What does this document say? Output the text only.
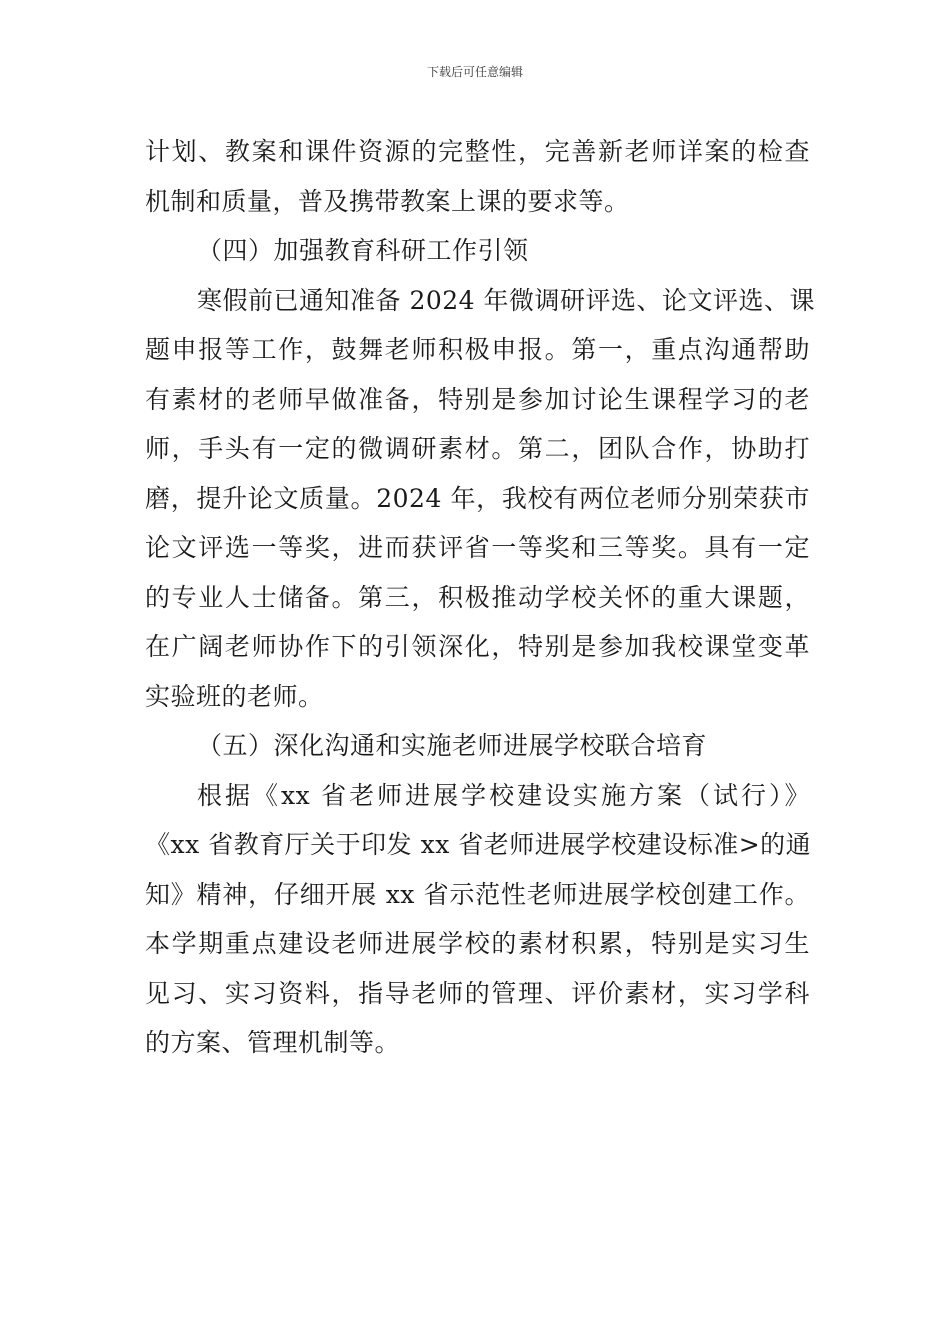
下载后可任意编辑
计划、教案和课件资源的完整性，完善新老师详案的检查
机制和质量，普及携带教案上课的要求等。
（四）加强教育科研工作引领
寒假前已通知准备 2024 年微调研评选、论文评选、课
题申报等工作，鼓舞老师积极申报。第一，重点沟通帮助
有素材的老师早做准备，特别是参加讨论生课程学习的老
师，手头有一定的微调研素材。第二，团队合作，协助打
磨，提升论文质量。2024 年，我校有两位老师分别荣获市
论文评选一等奖，进而获评省一等奖和三等奖。具有一定
的专业人士储备。第三，积极推动学校关怀的重大课题，
在广阔老师协作下的引领深化，特别是参加我校课堂变革
实验班的老师。
（五）深化沟通和实施老师进展学校联合培育
根据《xx 省老师进展学校建设实施方案（试行）》
《xx 省教育厅关于印发 xx 省老师进展学校建设标准>的通
知》精神，仔细开展 xx 省示范性老师进展学校创建工作。
本学期重点建设老师进展学校的素材积累，特别是实习生
见习、实习资料，指导老师的管理、评价素材，实习学科
的方案、管理机制等。
